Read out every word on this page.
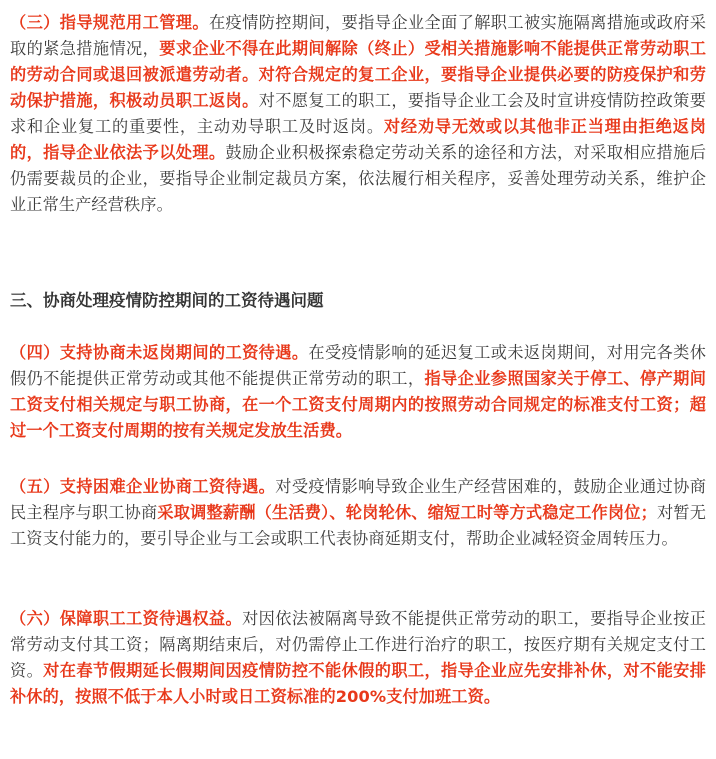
（三）指导规范用工管理。在疫情防控期间，要指导企业全面了解职工被实施隔离措施或政府采取的紧急措施情况，要求企业不得在此期间解除（终止）受相关措施影响不能提供正常劳动职工的劳动合同或退回被派遣劳动者。对符合规定的复工企业，要指导企业提供必要的防疫保护和劳动保护措施，积极动员职工返岗。对不愿复工的职工，要指导企业工会及时宣讲疫情防控政策要求和企业复工的重要性，主动劝导职工及时返岗。对经劝导无效或以其他非正当理由拒绝返岗的，指导企业依法予以处理。鼓励企业积极探索稳定劳动关系的途径和方法，对采取相应措施后仍需要裁员的企业，要指导企业制定裁员方案，依法履行相关程序，妥善处理劳动关系，维护企业正常生产经营秩序。

三、协商处理疫情防控期间的工资待遇问题

（四）支持协商未返岗期间的工资待遇。在受疫情影响的延迟复工或未返岗期间，对用完各类休假仍不能提供正常劳动或其他不能提供正常劳动的职工，指导企业参照国家关于停工、停产期间工资支付相关规定与职工协商，在一个工资支付周期内的按照劳动合同规定的标准支付工资；超过一个工资支付周期的按有关规定发放生活费。

（五）支持困难企业协商工资待遇。对受疫情影响导致企业生产经营困难的，鼓励企业通过协商民主程序与职工协商采取调整薪酬（生活费）、轮岗轮休、缩短工时等方式稳定工作岗位；对暂无工资支付能力的，要引导企业与工会或职工代表协商延期支付，帮助企业减轻资金周转压力。

（六）保障职工工资待遇权益。对因依法被隔离导致不能提供正常劳动的职工，要指导企业按正常劳动支付其工资；隔离期结束后，对仍需停止工作进行治疗的职工，按医疗期有关规定支付工资。对在春节假期延长假期间因疫情防控不能休假的职工，指导企业应先安排补休，对不能安排补休的，按照不低于本人小时或日工资标准的200%支付加班工资。
